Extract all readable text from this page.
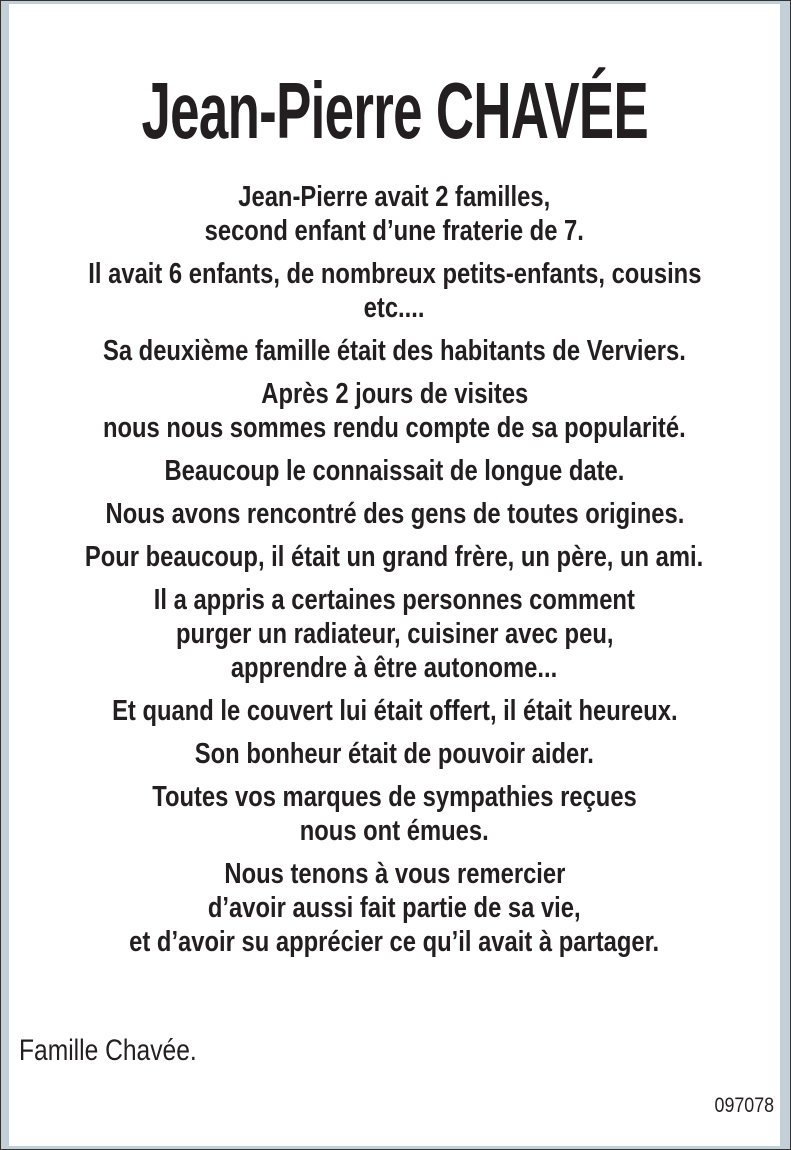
Jean-Pierre CHAVÉE
Jean-Pierre avait 2 familles,
second enfant d’une fraterie de 7.
Il avait 6 enfants, de nombreux petits-enfants, cousins
etc....
Sa deuxième famille était des habitants de Verviers.
Après 2 jours de visites
nous nous sommes rendu compte de sa popularité.
Beaucoup le connaissait de longue date.
Nous avons rencontré des gens de toutes origines.
Pour beaucoup, il était un grand frère, un père, un ami.
Il a appris a certaines personnes comment
purger un radiateur, cuisiner avec peu,
apprendre à être autonome...
Et quand le couvert lui était offert, il était heureux.
Son bonheur était de pouvoir aider.
Toutes vos marques de sympathies reçues
nous ont émues.
Nous tenons à vous remercier
d’avoir aussi fait partie de sa vie,
et d’avoir su apprécier ce qu’il avait à partager.
Famille Chavée.
097078
